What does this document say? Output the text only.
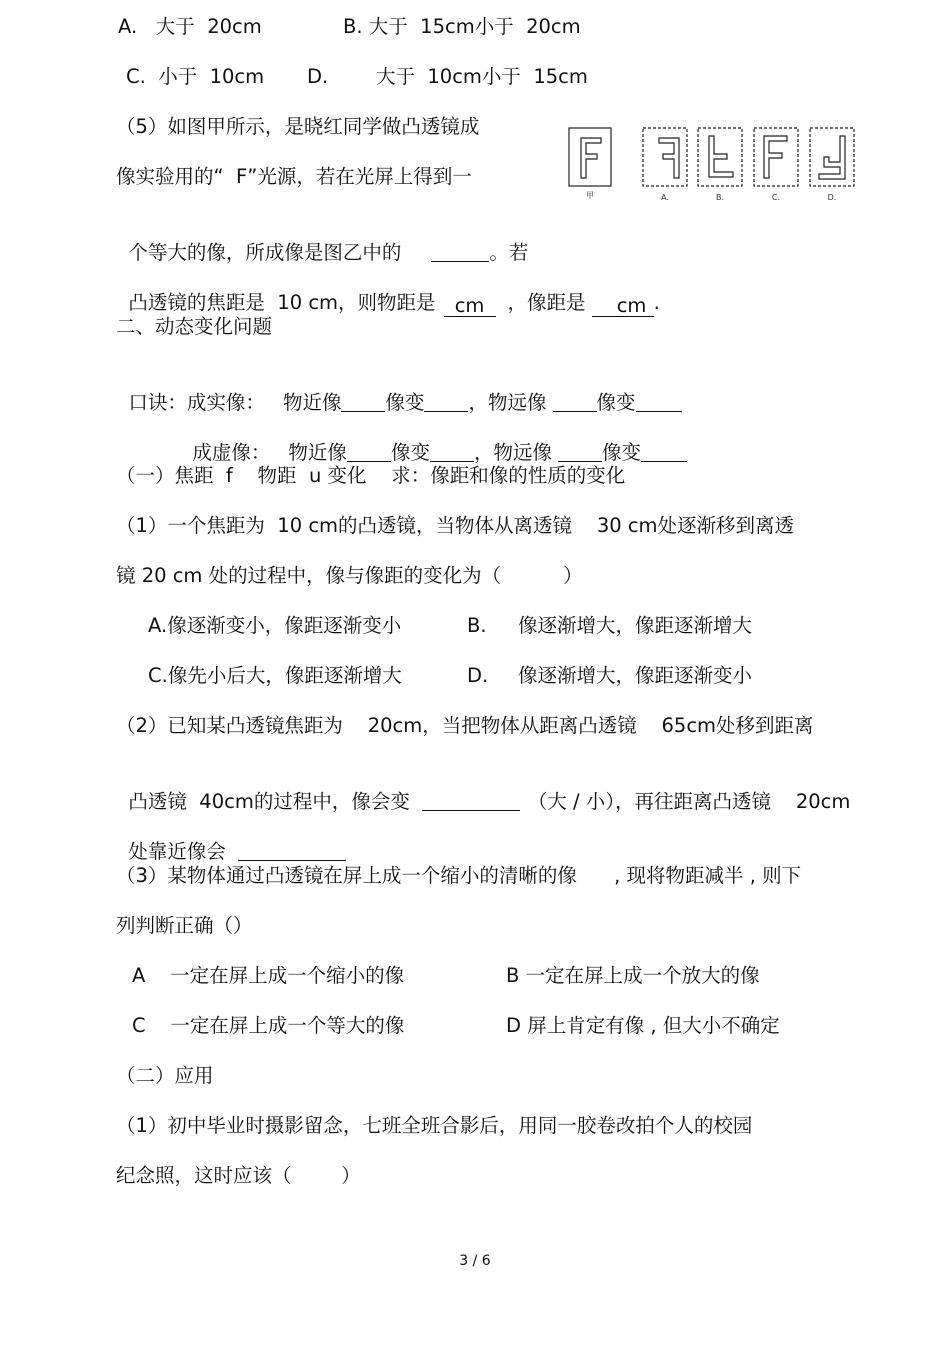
A.   大于  20cm	B. 大于  15cm小于  20cm
C.  小于  10cm D. 大于  10cm小于  15cm
（5）如图甲所示，是晓红同学做凸透镜成
像实验用的“  F”光源，若在光屏上得到一

个等大的像，所成像是图乙中的	。若

凸透镜的焦距是  10 cm，则物距是 cm ，像距是 cm .

甲	A.	B.	C.	D.
二、动态变化问题

口诀：成实像： 物近像 像变 ，物远像	像变

成虚像： 物近像 像变 ，物远像	像变

（一）焦距  f    物距  u 变化    求：像距和像的性质的变化
（1）一个焦距为  10 cm的凸透镜，当物体从离透镜    30 cm处逐渐移到离透
镜 20 cm 处的过程中，像与像距的变化为（          ）
A.像逐渐变小，像距逐渐变小	B. 像逐渐增大，像距逐渐增大
C.像先小后大，像距逐渐增大	D. 像逐渐增大，像距逐渐变小
（2）已知某凸透镜焦距为    20cm，当把物体从距离凸透镜    65cm处移到距离

凸透镜  40cm的过程中，像会变	（大 / 小），再往距离凸透镜    20cm

处靠近像会

（3）某物体通过凸透镜在屏上成一个缩小的清晰的像      , 现将物距减半 , 则下
列判断正确（）
A    一定在屏上成一个缩小的像	B 一定在屏上成一个放大的像
C    一定在屏上成一个等大的像	D 屏上肯定有像 , 但大小不确定
（二）应用
（1）初中毕业时摄影留念，七班全班合影后，用同一胶卷改拍个人的校园
纪念照，这时应该（        ）
3 / 6
